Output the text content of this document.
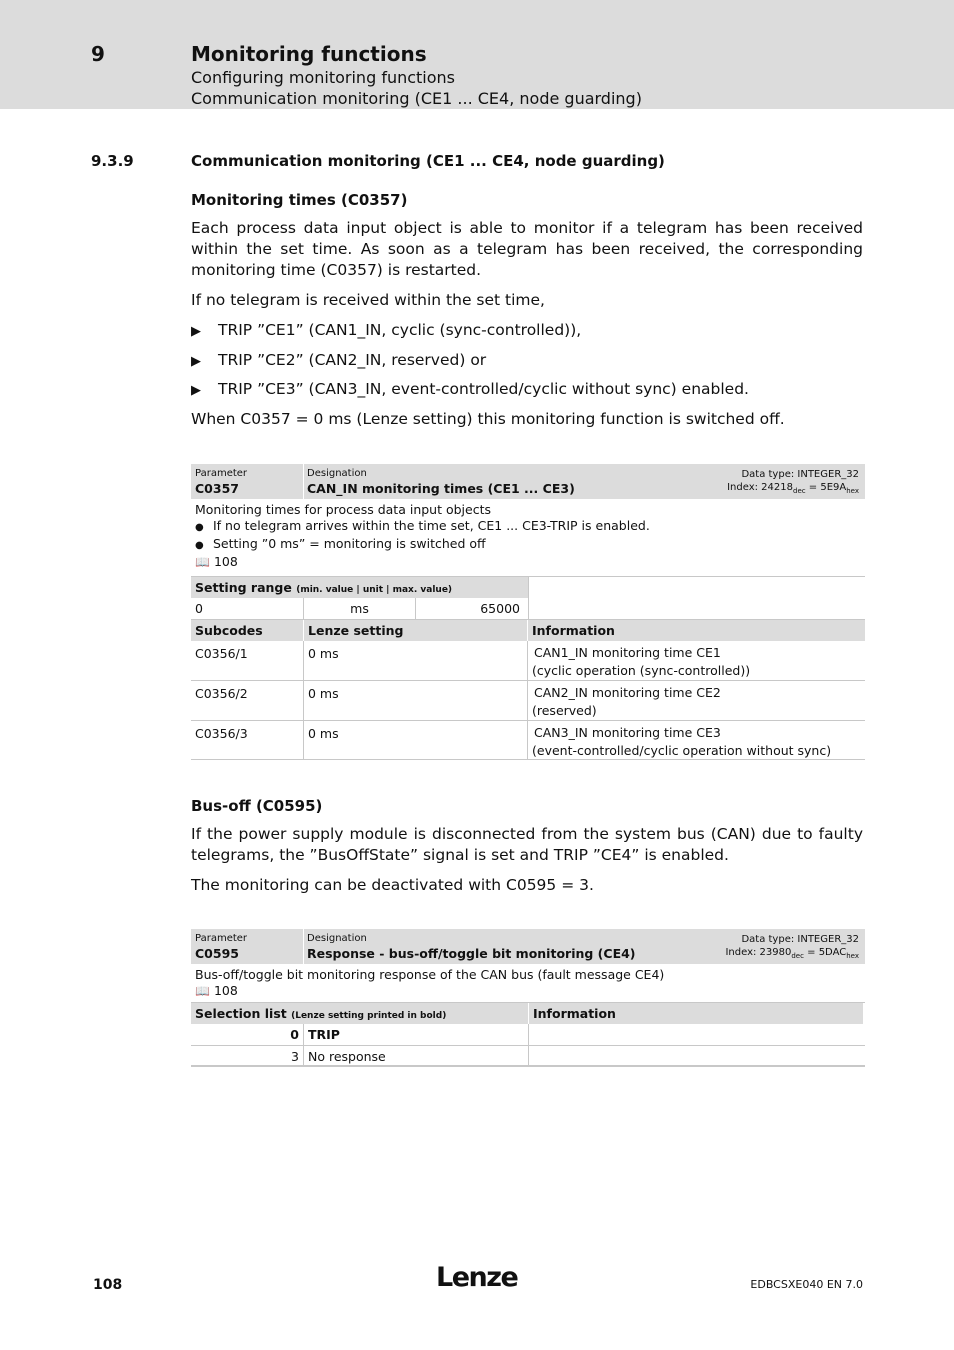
9	Monitoring functions
Configuring monitoring functions
Communication monitoring (CE1 ... CE4, node guarding)
9.3.9	Communication monitoring (CE1 ... CE4, node guarding)
Monitoring times (C0357)
Each process data input object is able to monitor if a telegram has been received within the set time. As soon as a telegram has been received, the corresponding monitoring time (C0357) is restarted.
If no telegram is received within the set time,
▶ TRIP ”CE1” (CAN1_IN, cyclic (sync-controlled)),
▶ TRIP ”CE2” (CAN2_IN, reserved) or
▶ TRIP ”CE3” (CAN3_IN, event-controlled/cyclic without sync) enabled.
When C0357 = 0 ms (Lenze setting) this monitoring function is switched off.
Parameter
C0357
Designation
CAN_IN monitoring times (CE1 ... CE3)
Data type: INTEGER_32
Index: $24218_{dec} = 5E9A_{hex}$
Monitoring times for process data input objects
● If no telegram arrives within the time set, CE1 ... CE3-TRIP is enabled.
● Setting ”0 ms” = monitoring is switched off
📖 108
Setting range (min. value | unit | max. value)
0	ms	65000
Subcodes	Lenze setting	Information
C0356/1	0 ms	CAN1_IN monitoring time CE1
(cyclic operation (sync-controlled))
C0356/2	0 ms	CAN2_IN monitoring time CE2
(reserved)
C0356/3	0 ms	CAN3_IN monitoring time CE3
(event-controlled/cyclic operation without sync)
Bus-off (C0595)
If the power supply module is disconnected from the system bus (CAN) due to faulty telegrams, the ”BusOffState” signal is set and TRIP ”CE4” is enabled.
The monitoring can be deactivated with C0595 = 3.
Parameter
C0595
Designation
Response - bus-off/toggle bit monitoring (CE4)
Data type: INTEGER_32
Index: $23980_{dec} = 5DAC_{hex}$
Bus-off/toggle bit monitoring response of the CAN bus (fault message CE4)
📖 108
Selection list (Lenze setting printed in bold)	Information
0 TRIP
3 No response
108	Lenze	EDBCSXE040 EN 7.0
